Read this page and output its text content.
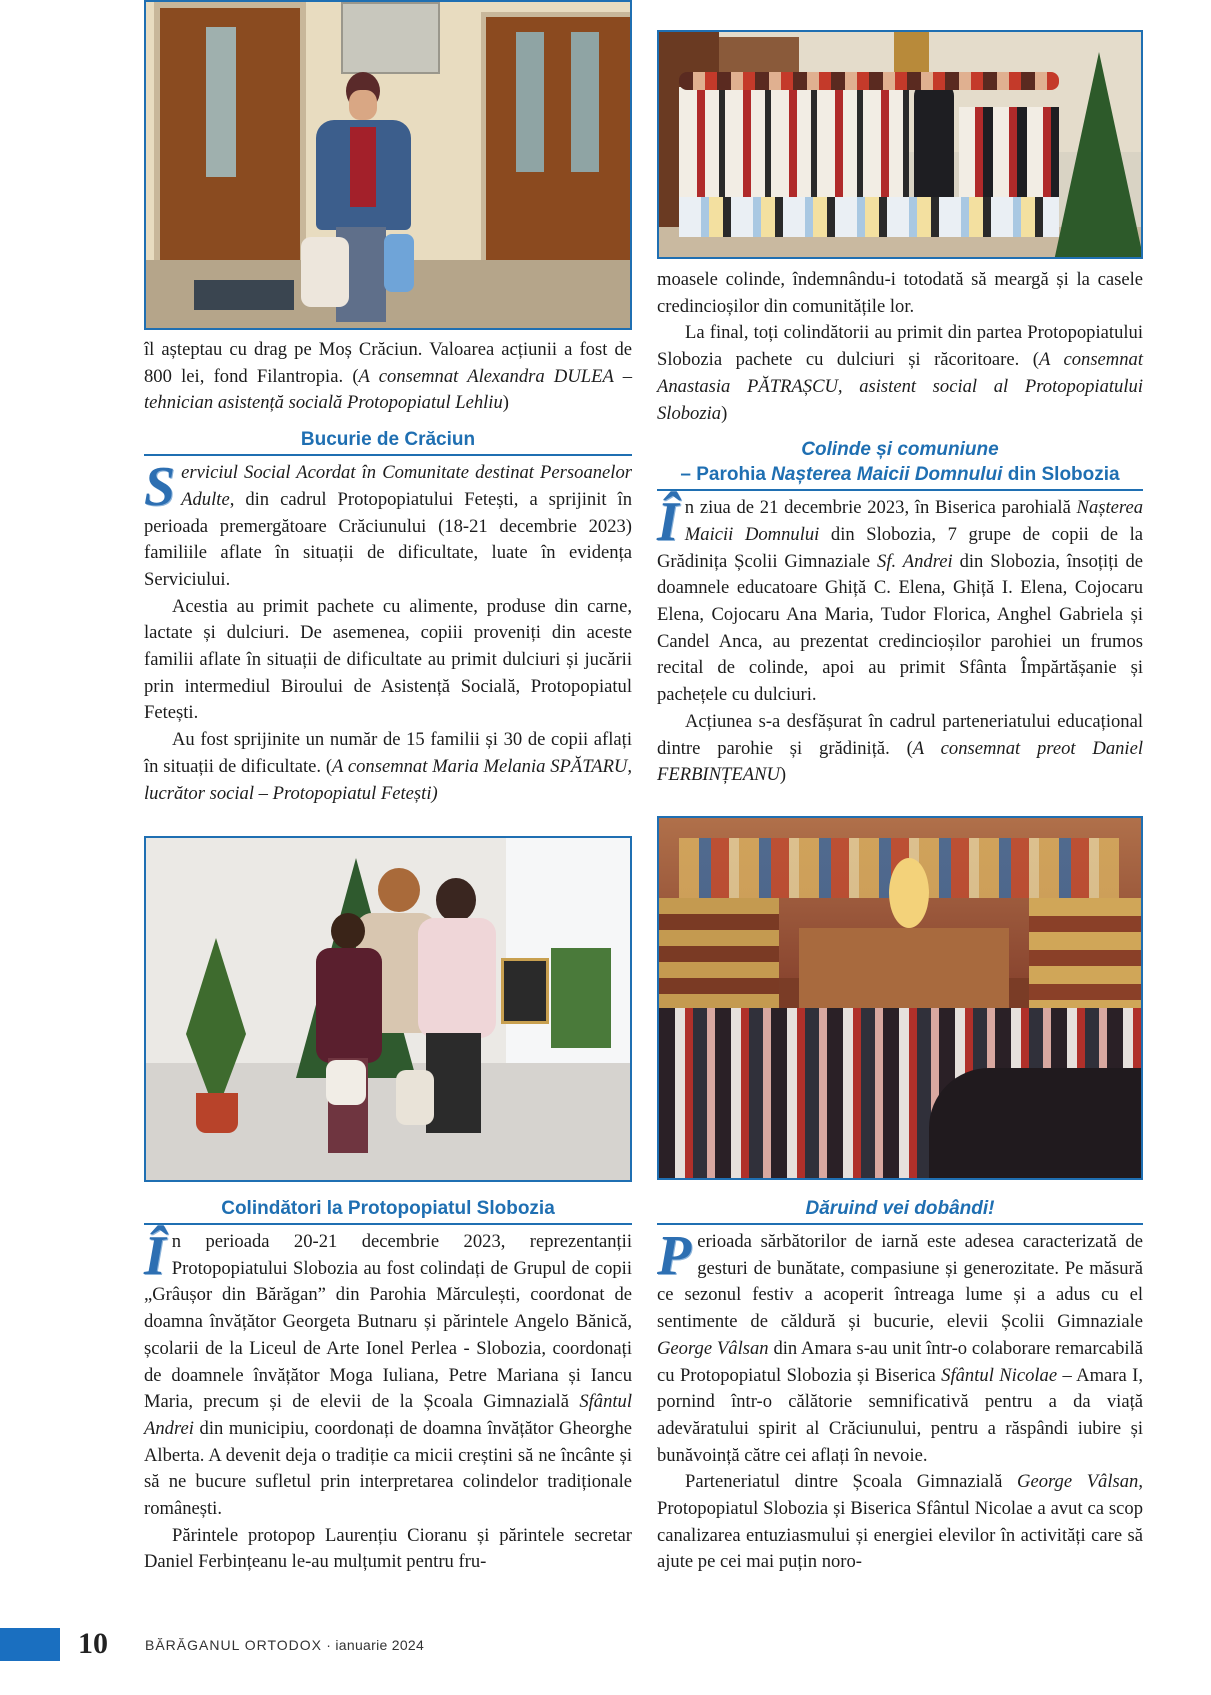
îl așteptau cu drag pe Moș Crăciun. Valoarea acțiunii a fost de 800 lei, fond Filantropia. (A consemnat Alexandra DULEA – tehnician asistență socială Protopopiatul Lehliu)

Bucurie de Crăciun

Serviciul Social Acordat în Comunitate destinat Persoanelor Adulte, din cadrul Protopopiatului Fetești, a sprijinit în perioada premergătoare Crăciunului (18-21 decembrie 2023) familiile aflate în situații de dificultate, luate în evidența Serviciului.

Acestia au primit pachete cu alimente, produse din carne, lactate și dulciuri. De asemenea, copiii proveniți din aceste familii aflate în situații de dificultate au primit dulciuri și jucării prin intermediul Biroului de Asistență Socială, Protopopiatul Fetești.

Au fost sprijinite un număr de 15 familii și 30 de copii aflați în situații de dificultate. (A consemnat Maria Melania SPĂTARU, lucrător social – Protopopiatul Fetești)

Colindători la Protopopiatul Slobozia

În perioada 20-21 decembrie 2023, reprezentanții Protopopiatului Slobozia au fost colindați de Grupul de copii „Grâușor din Bărăgan” din Parohia Mărculești, coordonat de doamna învățător Georgeta Butnaru și părintele Angelo Bănică, școlarii de la Liceul de Arte Ionel Perlea - Slobozia, coordonați de doamnele învățător Moga Iuliana, Petre Mariana și Iancu Maria, precum și de elevii de la Școala Gimnazială Sfântul Andrei din municipiu, coordonați de doamna învățător Gheorghe Alberta. A devenit deja o tradiție ca micii creștini să ne încânte și să ne bucure sufletul prin interpretarea colindelor tradiționale românești.

Părintele protopop Laurențiu Cioranu și părintele secretar Daniel Ferbințeanu le-au mulțumit pentru fru-

moasele colinde, îndemnându-i totodată să meargă și la casele credincioșilor din comunitățile lor.

La final, toți colindătorii au primit din partea Protopopiatului Slobozia pachete cu dulciuri și răcoritoare. (A consemnat Anastasia PĂTRAȘCU, asistent social al Protopopiatului Slobozia)

Colinde și comuniune
– Parohia Nașterea Maicii Domnului din Slobozia

În ziua de 21 decembrie 2023, în Biserica parohială Nașterea Maicii Domnului din Slobozia, 7 grupe de copii de la Grădinița Școlii Gimnaziale Sf. Andrei din Slobozia, însoțiți de doamnele educatoare Ghiță C. Elena, Ghiță I. Elena, Cojocaru Elena, Cojocaru Ana Maria, Tudor Florica, Anghel Gabriela și Candel Anca, au prezentat credincioșilor parohiei un frumos recital de colinde, apoi au primit Sfânta Împărtășanie și pachețele cu dulciuri.

Acțiunea s-a desfășurat în cadrul parteneriatului educațional dintre parohie și grădiniță. (A consemnat preot Daniel FERBINȚEANU)

Dăruind vei dobândi!

Perioada sărbătorilor de iarnă este adesea caracterizată de gesturi de bunătate, compasiune și generozitate. Pe măsură ce sezonul festiv a acoperit întreaga lume și a adus cu el sentimente de căldură și bucurie, elevii Școlii Gimnaziale George Vâlsan din Amara s-au unit într-o colaborare remarcabilă cu Protopopiatul Slobozia și Biserica Sfântul Nicolae – Amara I, pornind într-o călătorie semnificativă pentru a da viață adevăratului spirit al Crăciunului, pentru a răspândi iubire și bunăvoință către cei aflați în nevoie.

Parteneriatul dintre Școala Gimnazială George Vâlsan, Protopopiatul Slobozia și Biserica Sfântul Nicolae a avut ca scop canalizarea entuziasmului și energiei elevilor în activități care să ajute pe cei mai puțin noro-

10	BĂRĂGANUL ORTODOX · ianuarie 2024
